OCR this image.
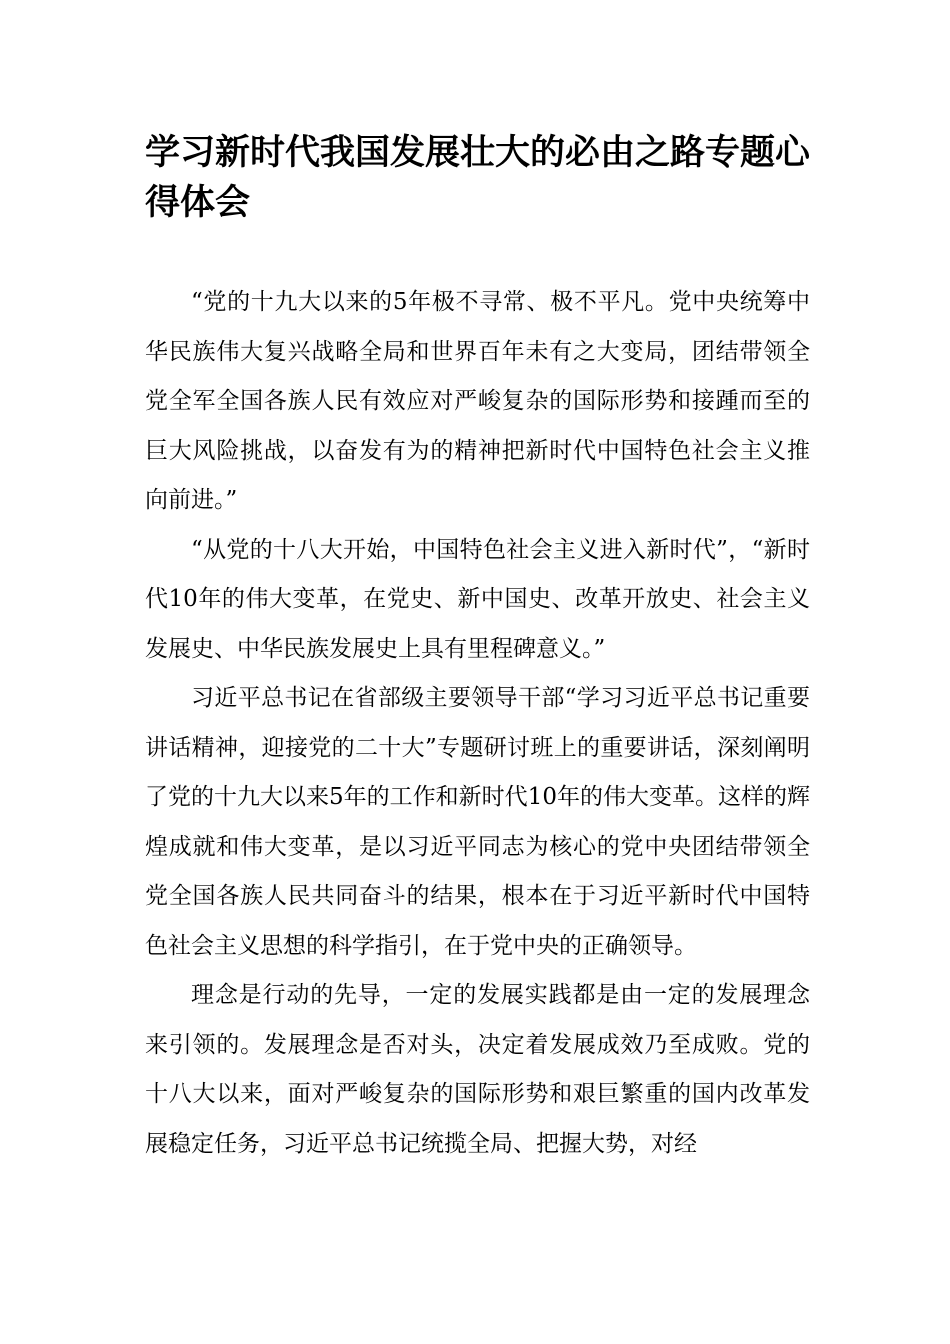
学习新时代我国发展壮大的必由之路专题心得体会

“党的十九大以来的5年极不寻常、极不平凡。党中央统筹中华民族伟大复兴战略全局和世界百年未有之大变局，团结带领全党全军全国各族人民有效应对严峻复杂的国际形势和接踵而至的巨大风险挑战，以奋发有为的精神把新时代中国特色社会主义推向前进。”

“从党的十八大开始，中国特色社会主义进入新时代”，“新时代10年的伟大变革，在党史、新中国史、改革开放史、社会主义发展史、中华民族发展史上具有里程碑意义。”

习近平总书记在省部级主要领导干部“学习习近平总书记重要讲话精神，迎接党的二十大”专题研讨班上的重要讲话，深刻阐明了党的十九大以来5年的工作和新时代10年的伟大变革。这样的辉煌成就和伟大变革，是以习近平同志为核心的党中央团结带领全党全国各族人民共同奋斗的结果，根本在于习近平新时代中国特色社会主义思想的科学指引，在于党中央的正确领导。

理念是行动的先导，一定的发展实践都是由一定的发展理念来引领的。发展理念是否对头，决定着发展成效乃至成败。党的十八大以来，面对严峻复杂的国际形势和艰巨繁重的国内改革发展稳定任务，习近平总书记统揽全局、把握大势，对经
